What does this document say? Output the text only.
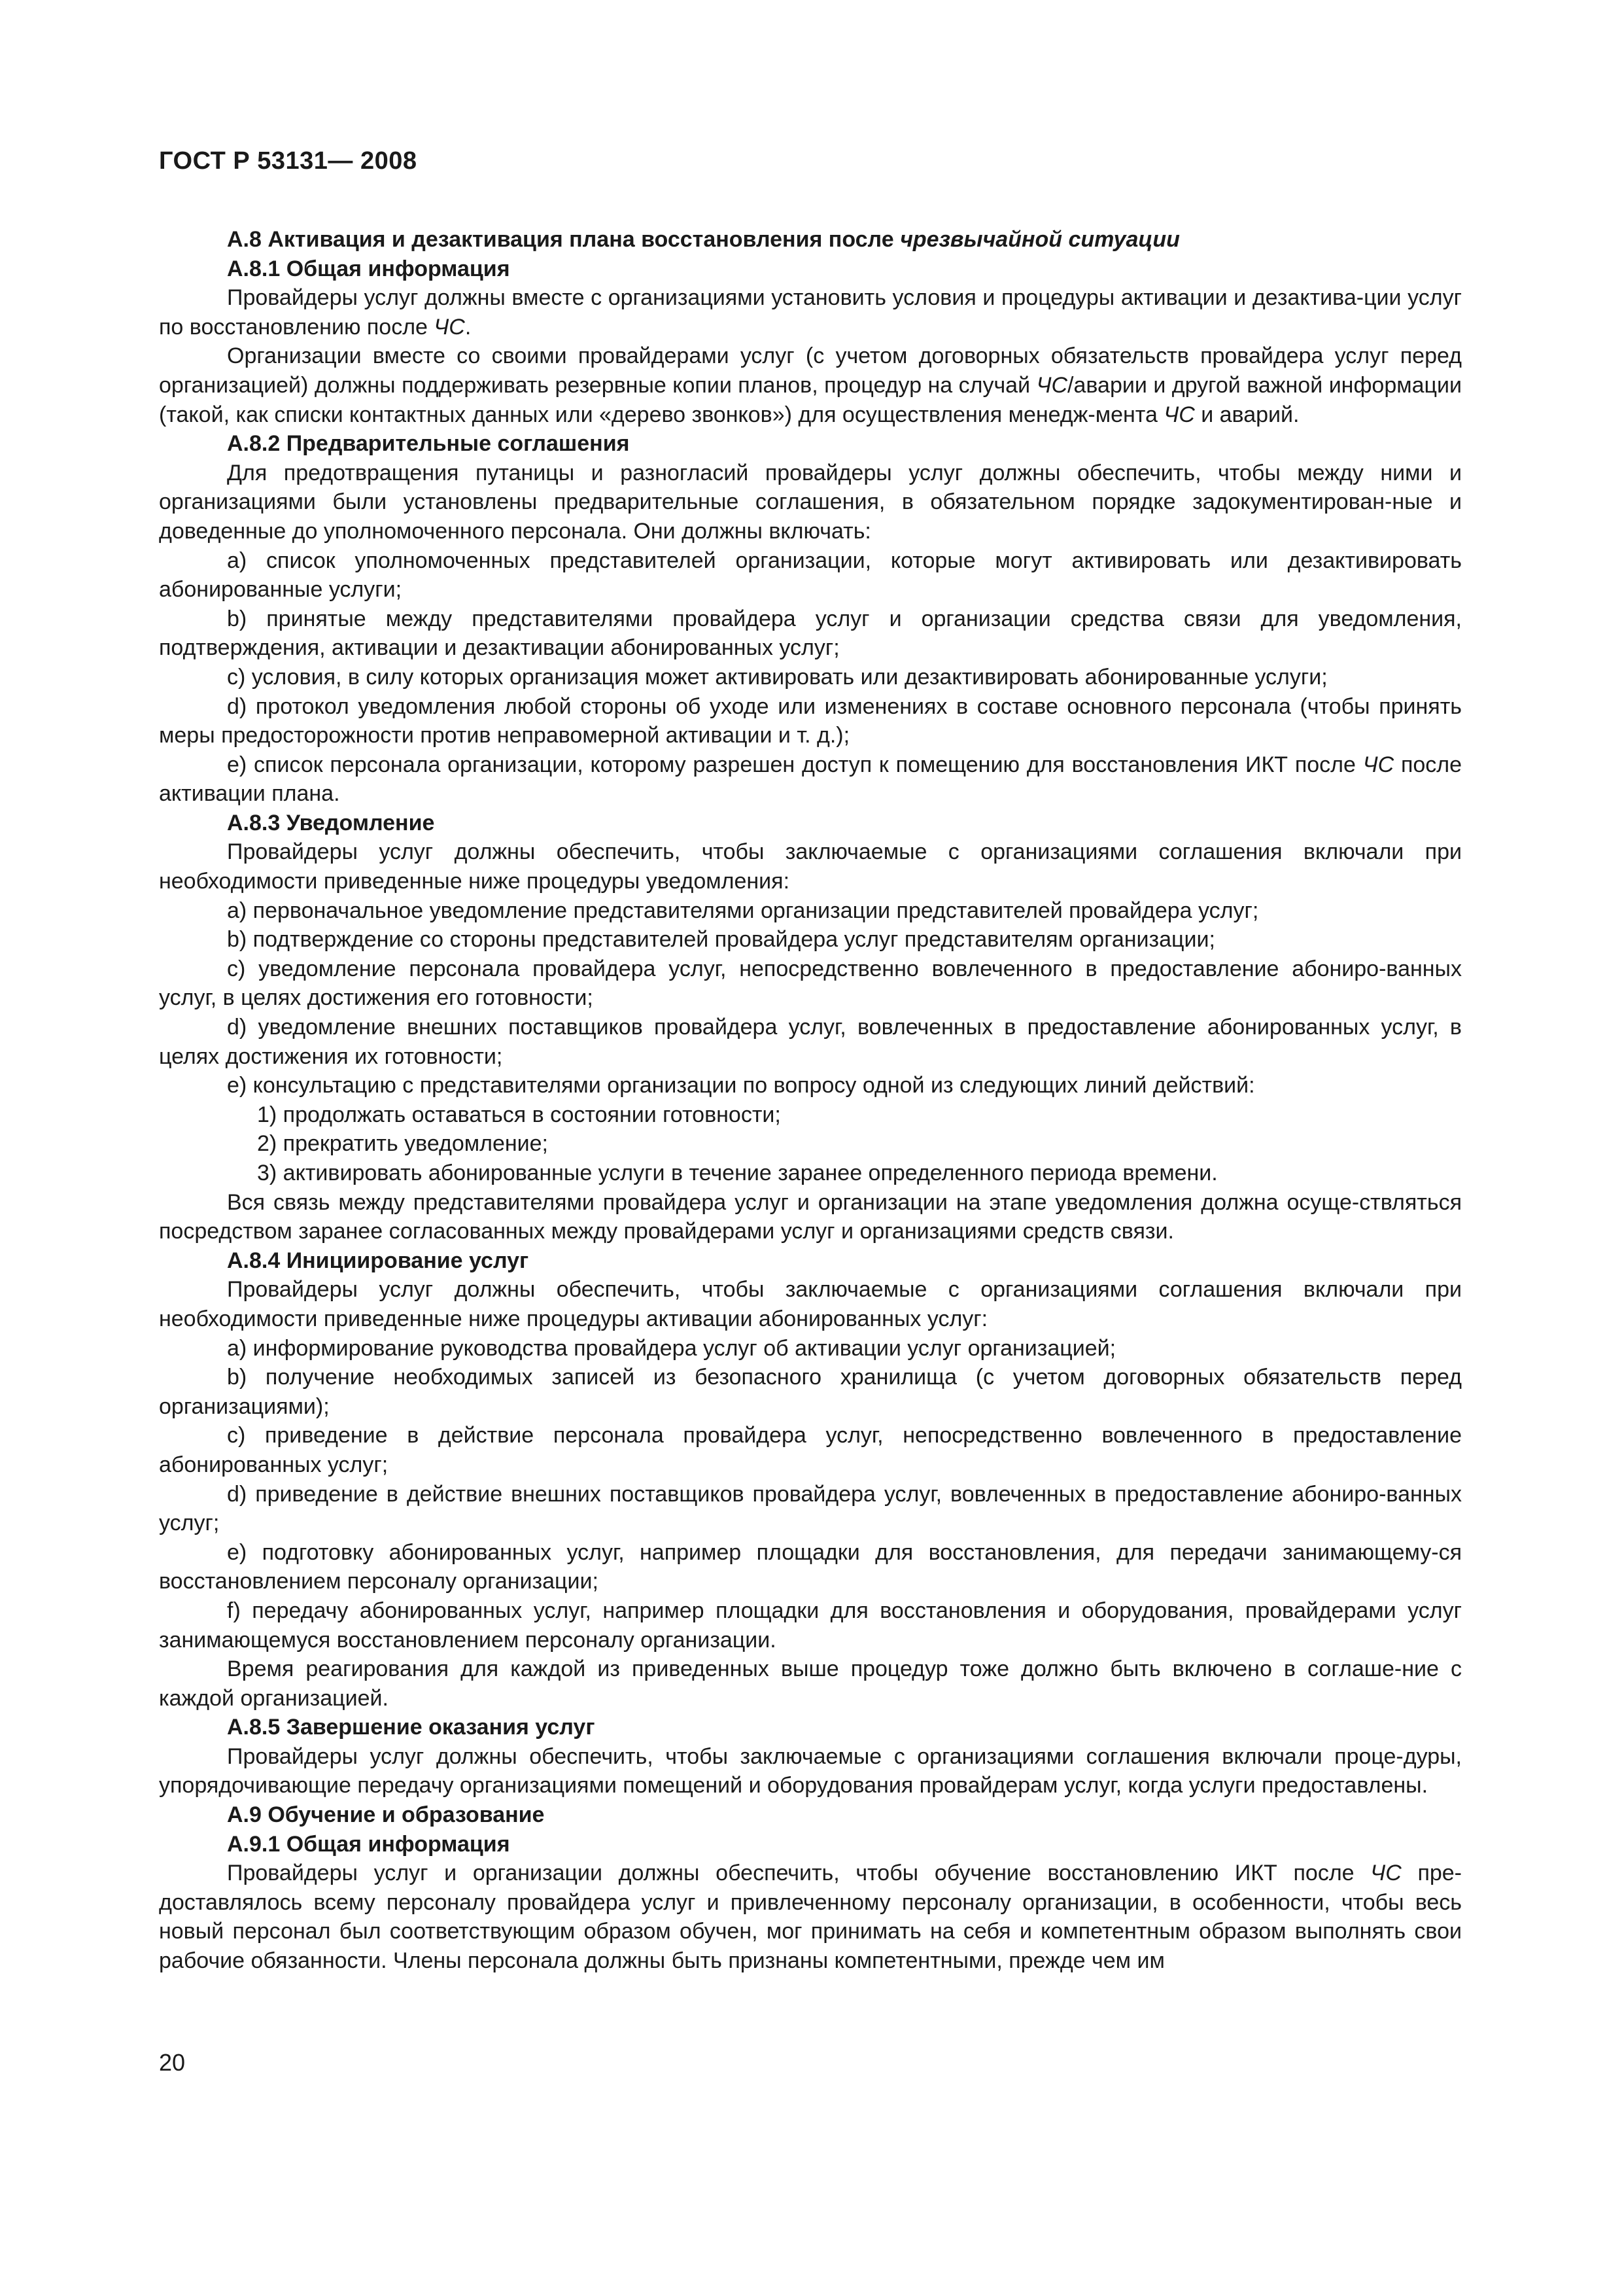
ГОСТ Р 53131— 2008

А.8 Активация и дезактивация плана восстановления после чрезвычайной ситуации

А.8.1 Общая информация

Провайдеры услуг должны вместе с организациями установить условия и процедуры активации и дезактива-ции услуг по восстановлению после ЧС.

Организации вместе со своими провайдерами услуг (с учетом договорных обязательств провайдера услуг перед организацией) должны поддерживать резервные копии планов, процедур на случай ЧС/аварии и другой важной информации (такой, как списки контактных данных или «дерево звонков») для осуществления менедж-мента ЧС и аварий.

А.8.2 Предварительные соглашения

Для предотвращения путаницы и разногласий провайдеры услуг должны обеспечить, чтобы между ними и организациями были установлены предварительные соглашения, в обязательном порядке задокументирован-ные и доведенные до уполномоченного персонала. Они должны включать:

a) список уполномоченных представителей организации, которые могут активировать или дезактивировать абонированные услуги;

b) принятые между представителями провайдера услуг и организации средства связи для уведомления, подтверждения, активации и дезактивации абонированных услуг;

c) условия, в силу которых организация может активировать или дезактивировать абонированные услуги;

d) протокол уведомления любой стороны об уходе или изменениях в составе основного персонала (чтобы принять меры предосторожности против неправомерной активации и т. д.);

e) список персонала организации, которому разрешен доступ к помещению для восстановления ИКТ после ЧС после активации плана.

А.8.3 Уведомление

Провайдеры услуг должны обеспечить, чтобы заключаемые с организациями соглашения включали при необходимости приведенные ниже процедуры уведомления:

a) первоначальное уведомление представителями организации представителей провайдера услуг;

b) подтверждение со стороны представителей провайдера услуг представителям организации;

c) уведомление персонала провайдера услуг, непосредственно вовлеченного в предоставление абониро-ванных услуг, в целях достижения его готовности;

d) уведомление внешних поставщиков провайдера услуг, вовлеченных в предоставление абонированных услуг, в целях достижения их готовности;

e) консультацию с представителями организации по вопросу одной из следующих линий действий:

1) продолжать оставаться в состоянии готовности;

2) прекратить уведомление;

3) активировать абонированные услуги в течение заранее определенного периода времени.

Вся связь между представителями провайдера услуг и организации на этапе уведомления должна осуще-ствляться посредством заранее согласованных между провайдерами услуг и организациями средств связи.

А.8.4 Инициирование услуг

Провайдеры услуг должны обеспечить, чтобы заключаемые с организациями соглашения включали при необходимости приведенные ниже процедуры активации абонированных услуг:

a) информирование руководства провайдера услуг об активации услуг организацией;

b) получение необходимых записей из безопасного хранилища (с учетом договорных обязательств перед организациями);

c) приведение в действие персонала провайдера услуг, непосредственно вовлеченного в предоставление абонированных услуг;

d) приведение в действие внешних поставщиков провайдера услуг, вовлеченных в предоставление абониро-ванных услуг;

e) подготовку абонированных услуг, например площадки для восстановления, для передачи занимающему-ся восстановлением персоналу организации;

f) передачу абонированных услуг, например площадки для восстановления и оборудования, провайдерами услуг занимающемуся восстановлением персоналу организации.

Время реагирования для каждой из приведенных выше процедур тоже должно быть включено в соглаше-ние с каждой организацией.

А.8.5 Завершение оказания услуг

Провайдеры услуг должны обеспечить, чтобы заключаемые с организациями соглашения включали проце-дуры, упорядочивающие передачу организациями помещений и оборудования провайдерам услуг, когда услуги предоставлены.

А.9 Обучение и образование

А.9.1 Общая информация

Провайдеры услуг и организации должны обеспечить, чтобы обучение восстановлению ИКТ после ЧС пре-доставлялось всему персоналу провайдера услуг и привлеченному персоналу организации, в особенности, чтобы весь новый персонал был соответствующим образом обучен, мог принимать на себя и компетентным образом выполнять свои рабочие обязанности. Члены персонала должны быть признаны компетентными, прежде чем им

20
